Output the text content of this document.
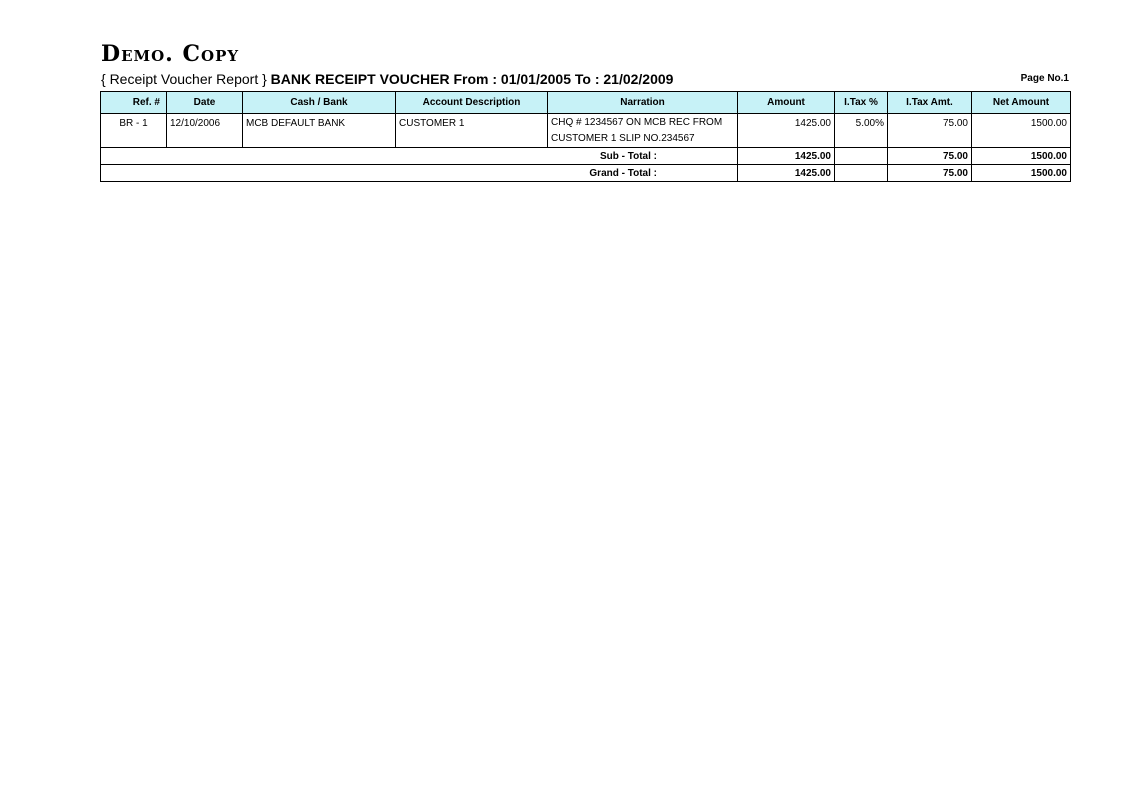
Demo. Copy
{ Receipt Voucher Report } BANK RECEIPT VOUCHER From : 01/01/2005 To : 21/02/2009	Page No.1
Ref. #	Date	Cash / Bank	Account Description	Narration	Amount	I.Tax %	I.Tax Amt.	Net Amount
BR - 1	12/10/2006	MCB DEFAULT BANK	CUSTOMER 1	CHQ # 1234567 ON MCB REC FROM CUSTOMER 1 SLIP NO.234567	1425.00	5.00%	75.00	1500.00
Sub - Total :					1425.00		75.00	1500.00
Grand - Total :					1425.00		75.00	1500.00
